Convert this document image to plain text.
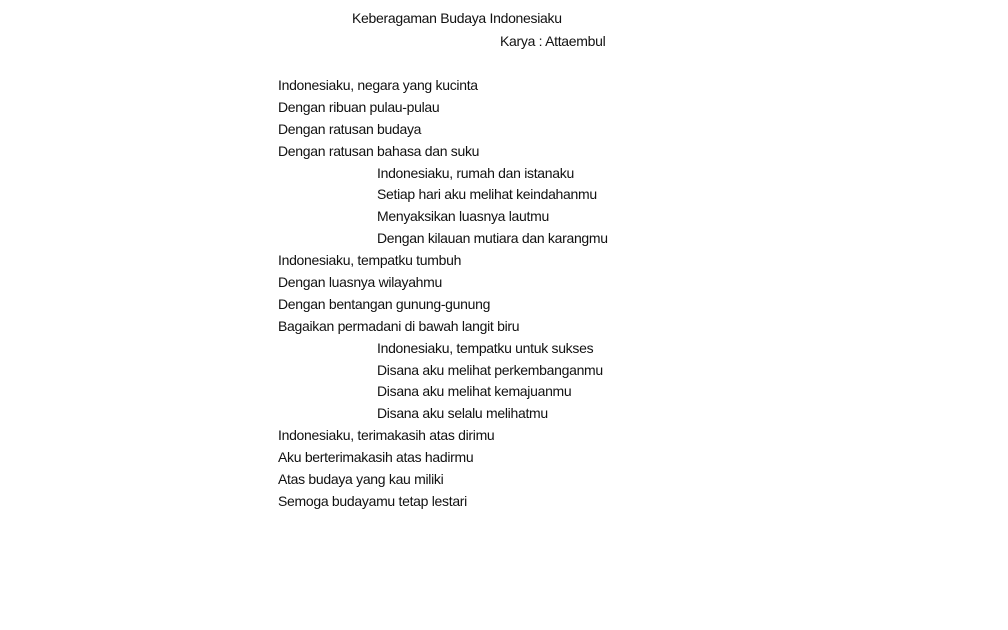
Keberagaman Budaya Indonesiaku
Karya : Attaembul
Indonesiaku, negara yang kucinta
Dengan ribuan pulau-pulau
Dengan ratusan budaya
Dengan ratusan bahasa dan suku
Indonesiaku, rumah dan istanaku
Setiap hari aku melihat keindahanmu
Menyaksikan luasnya lautmu
Dengan kilauan mutiara dan karangmu
Indonesiaku, tempatku tumbuh
Dengan luasnya wilayahmu
Dengan bentangan gunung-gunung
Bagaikan permadani di bawah langit biru
Indonesiaku, tempatku untuk sukses
Disana aku melihat perkembanganmu
Disana aku melihat kemajuanmu
Disana aku selalu melihatmu
Indonesiaku, terimakasih atas dirimu
Aku berterimakasih atas hadirmu
Atas budaya yang kau miliki
Semoga budayamu tetap lestari
